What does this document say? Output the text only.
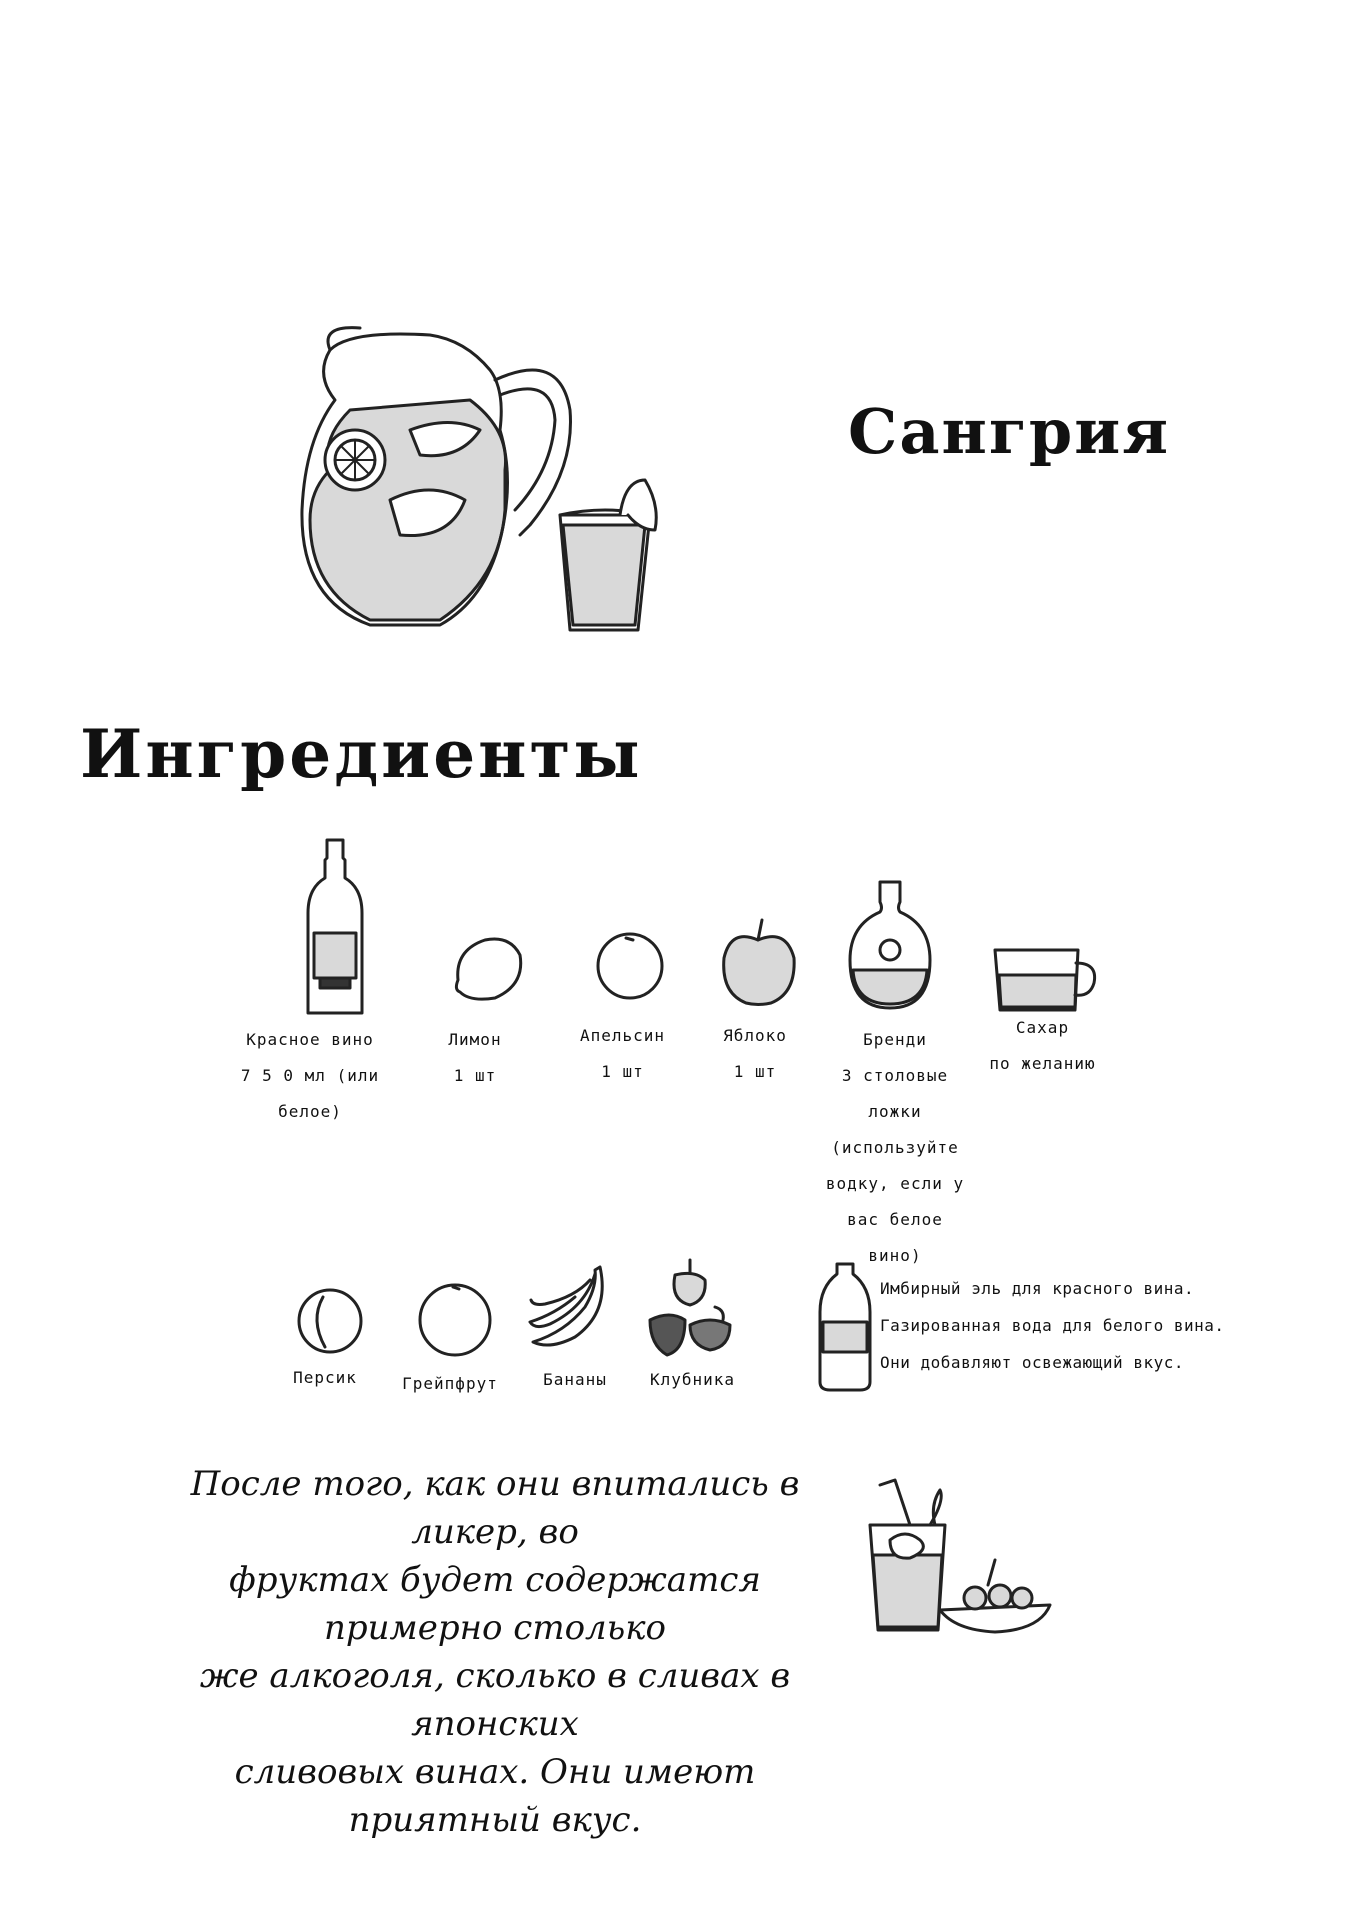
Сангрия
Ингредиенты
Красное вино
7 5 0 мл (или
белое)
Лимон
1 шт
Апельсин
1 шт
Яблоко
1 шт
Бренди
3 столовые
ложки
(используйте
водку, если у
вас белое
вино)
Сахар
по желанию
Персик	Грейпфрут	Бананы	Клубника
Имбирный эль для красного вина.
Газированная вода для белого вина.
Они добавляют освежающий вкус.
После того, как они впитались в ликер, во
фруктах будет содержатся примерно столько
же алкоголя, сколько в сливах в японских
сливовых винах. Они имеют приятный вкус.
